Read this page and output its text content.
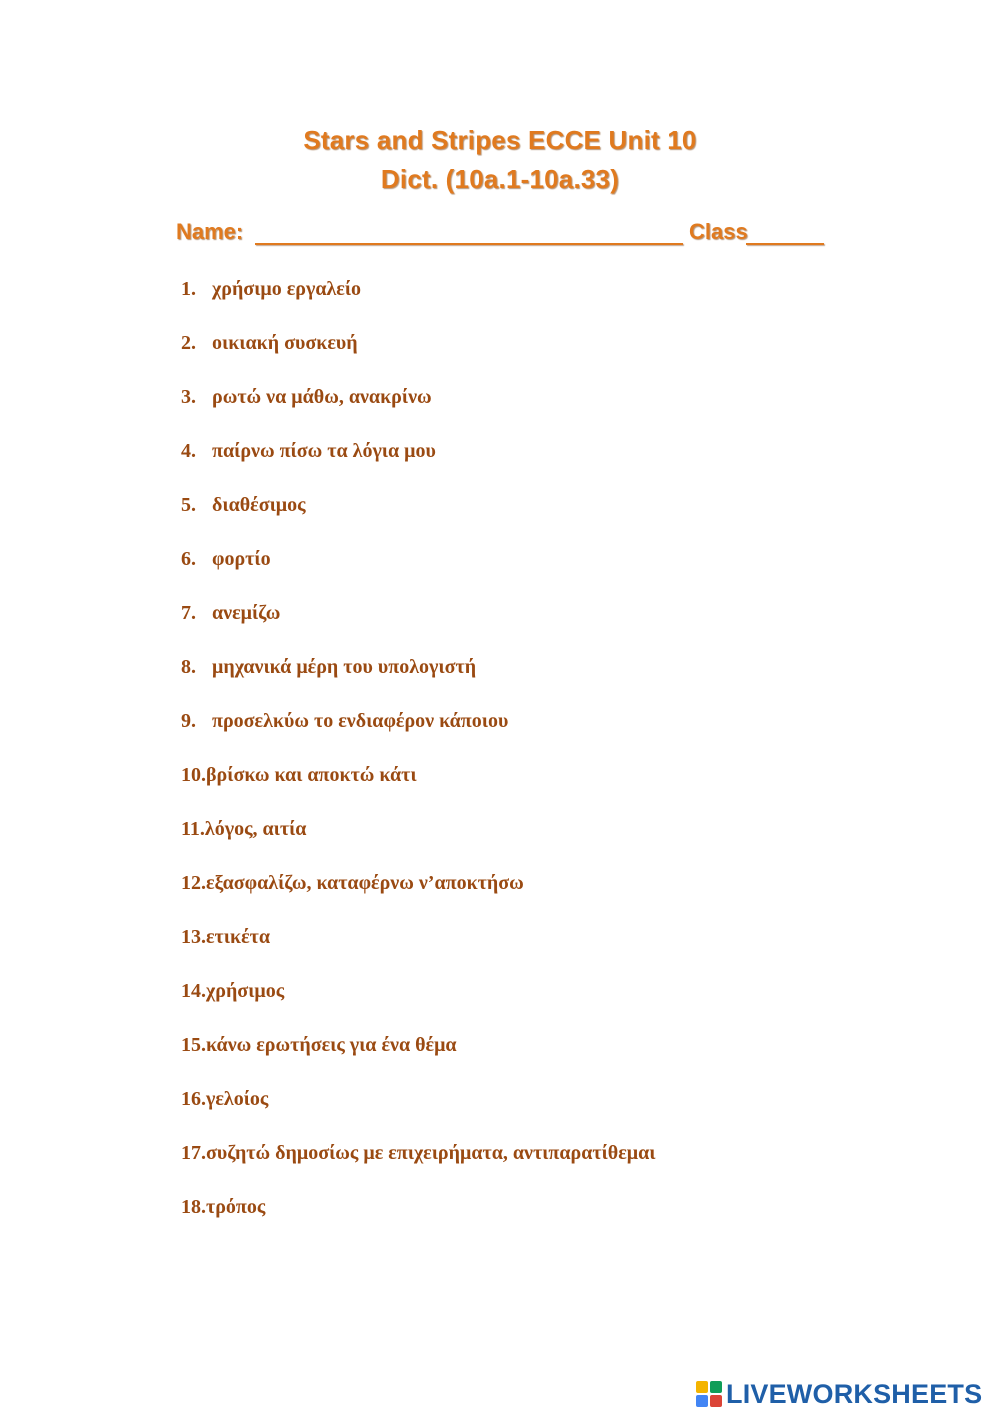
Stars and Stripes ECCE Unit 10
Dict. (10a.1-10a.33)
Name:	Class
1. χρήσιμο εργαλείο
2. οικιακή συσκευή
3. ρωτώ να μάθω, ανακρίνω
4. παίρνω πίσω τα λόγια μου
5. διαθέσιμος
6. φορτίο
7. ανεμίζω
8. μηχανικά μέρη του υπολογιστή
9. προσελκύω το ενδιαφέρον κάποιου
10. βρίσκω και αποκτώ κάτι
11. λόγος, αιτία
12. εξασφαλίζω, καταφέρνω ν’αποκτήσω
13. ετικέτα
14. χρήσιμος
15. κάνω ερωτήσεις για ένα θέμα
16. γελοίος
17. συζητώ δημοσίως με επιχειρήματα, αντιπαρατίθεμαι
18. τρόπος
LIVEWORKSHEETS
